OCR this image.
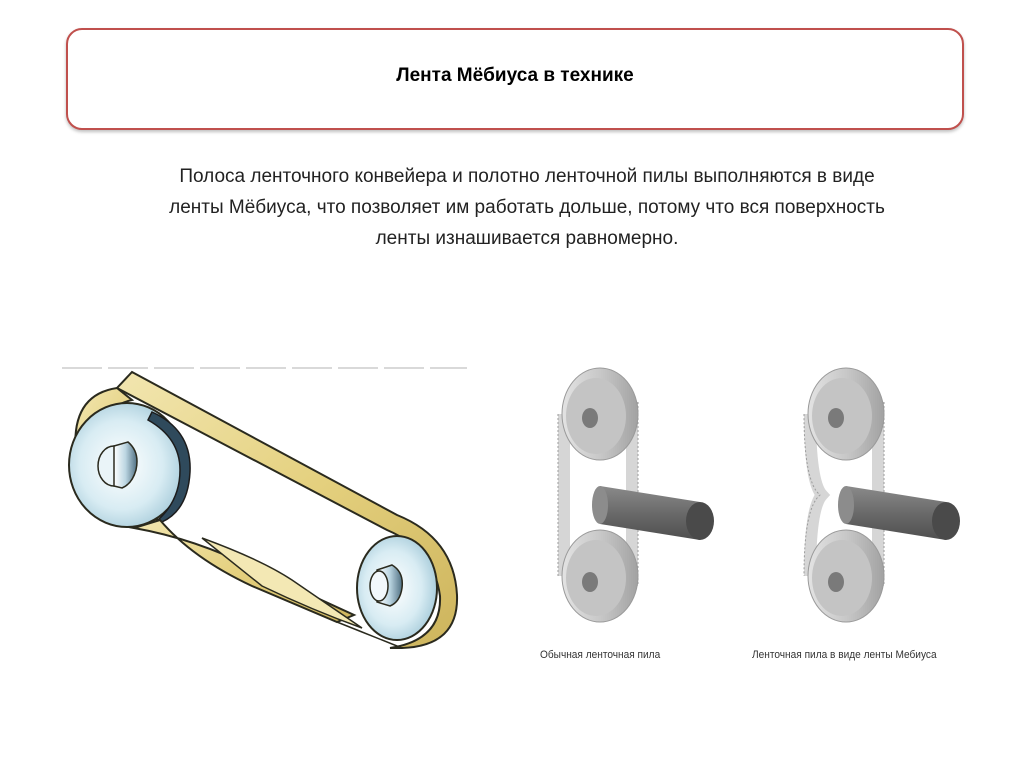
Лента Мёбиуса в технике
Полоса ленточного конвейера и полотно ленточной пилы выполняются в виде
ленты Мёбиуса, что позволяет им работать дольше, потому что вся поверхность
ленты изнашивается равномерно.
Обычная ленточная пила	Ленточная пила в виде ленты Мебиуса
